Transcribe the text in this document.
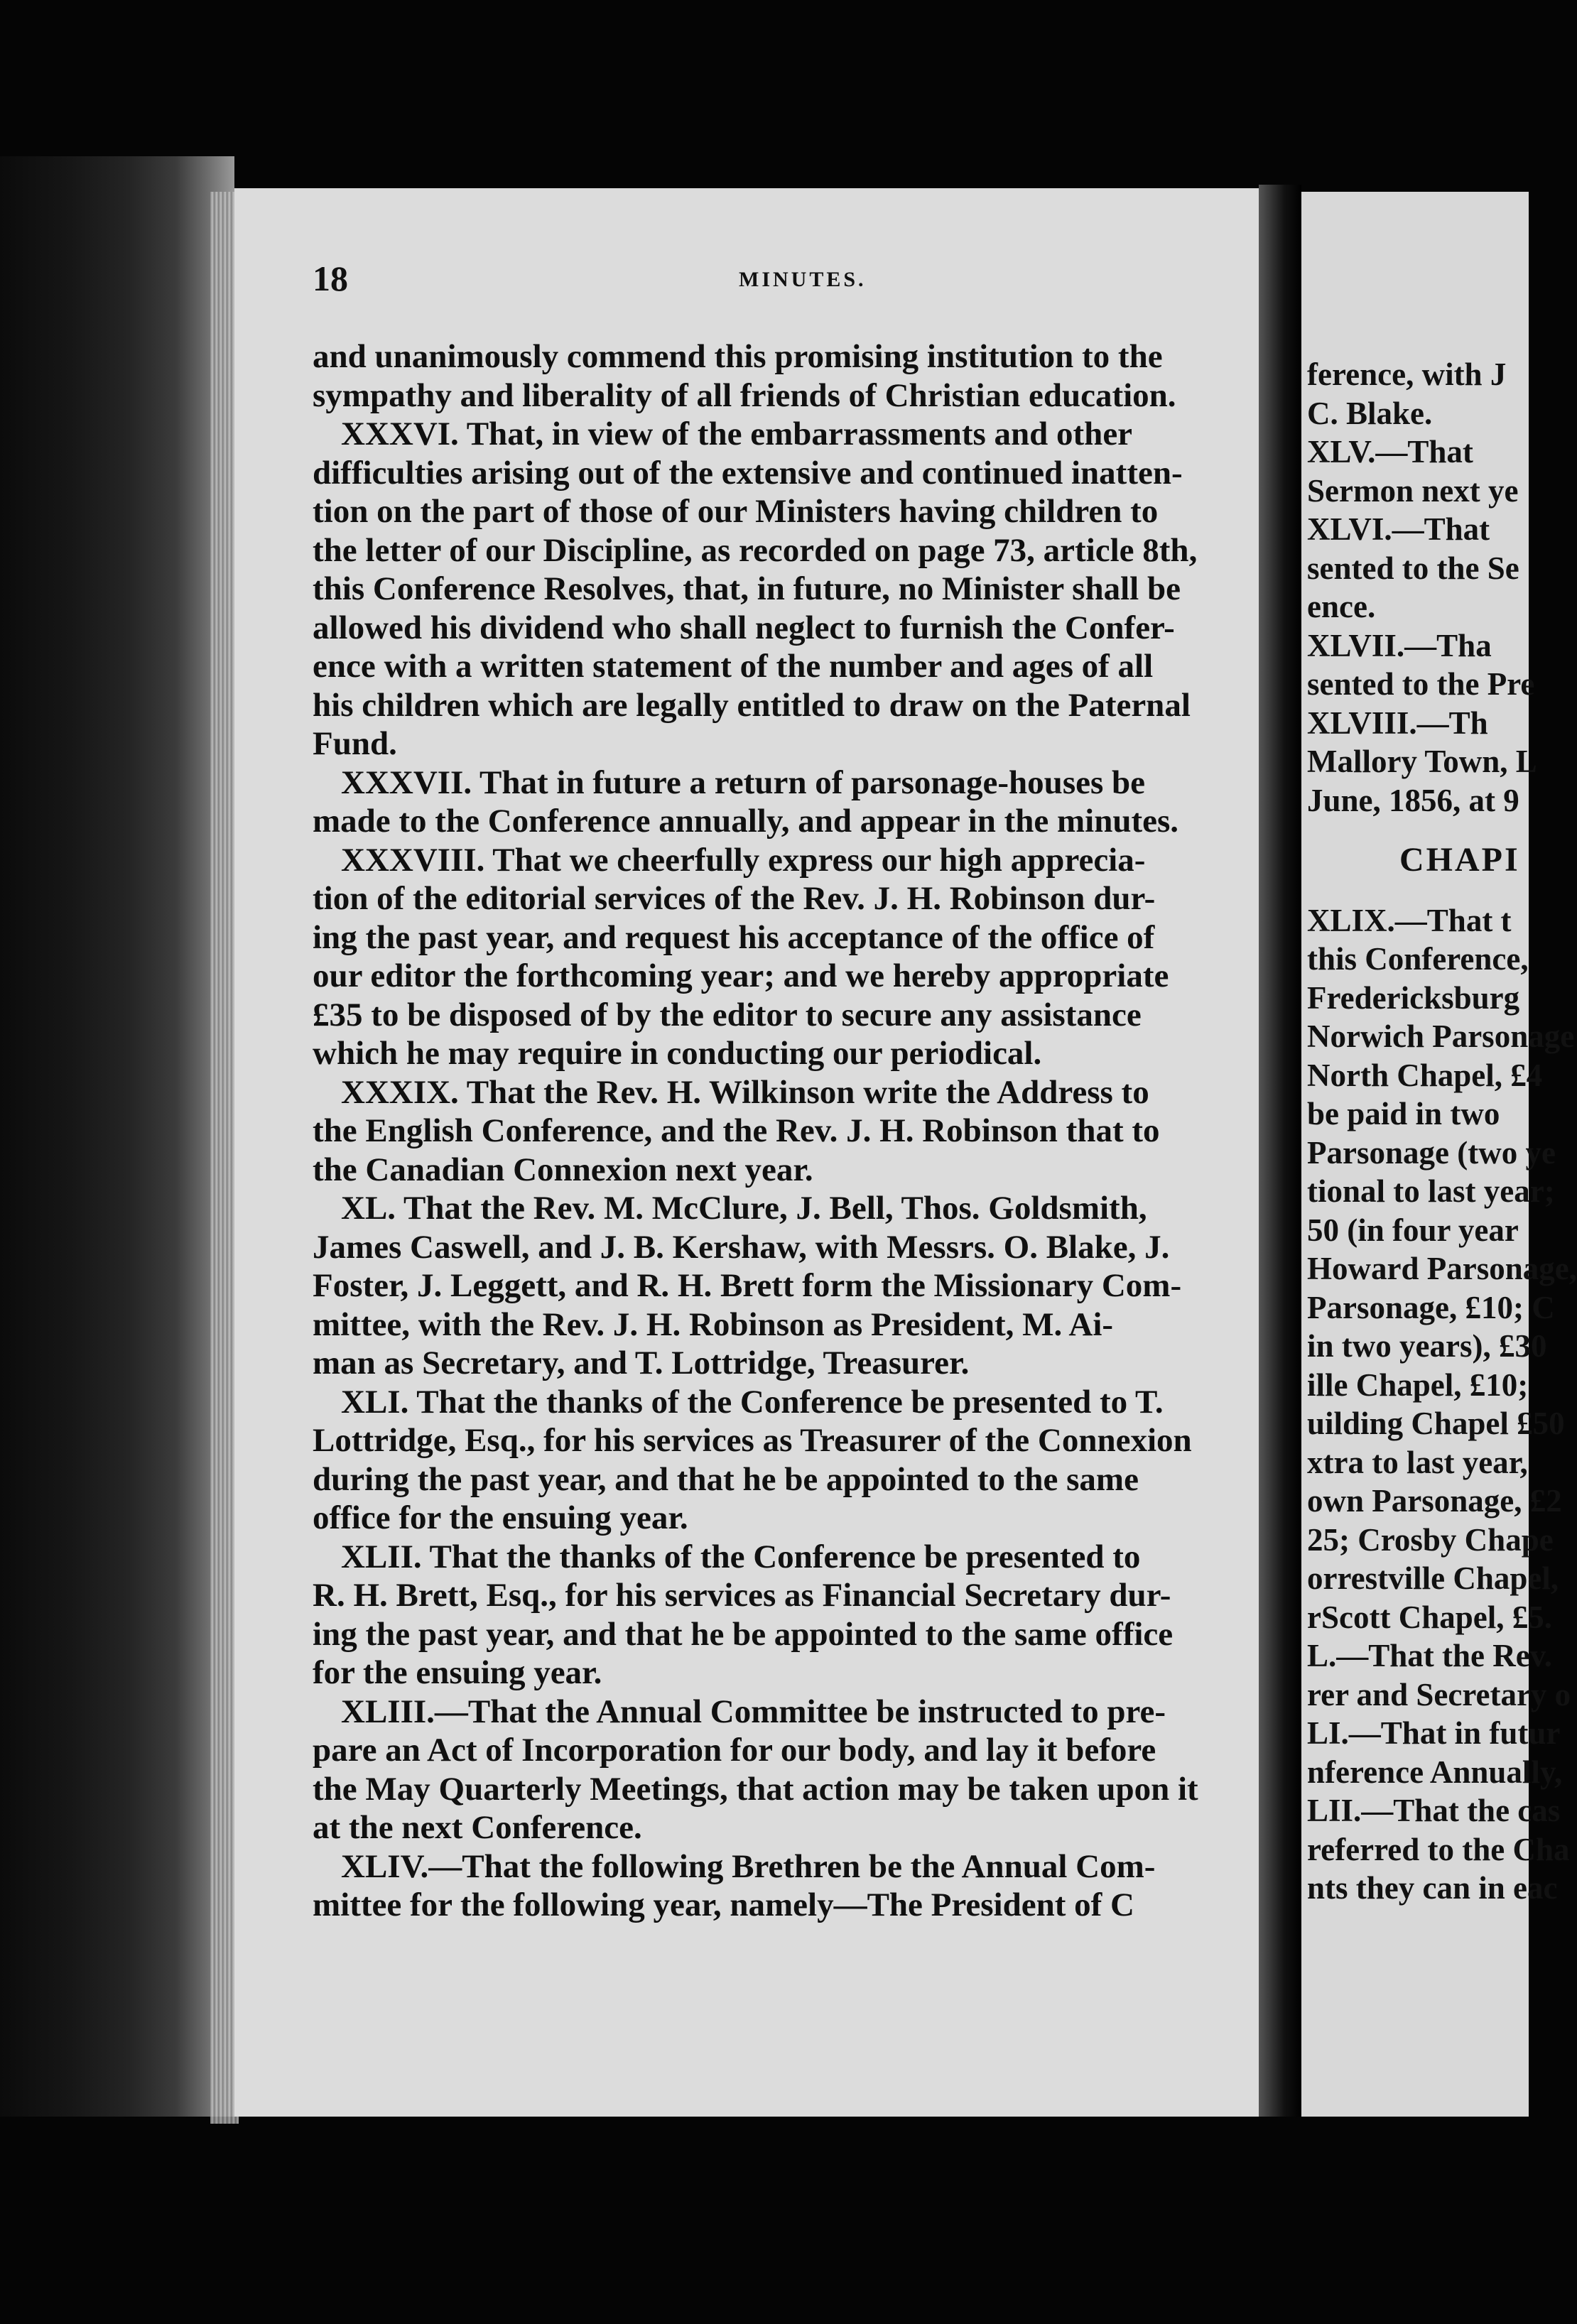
18	MINUTES.
and unanimously commend this promising institution to the
sympathy and liberality of all friends of Christian education.
XXXVI. That, in view of the embarrassments and other
difficulties arising out of the extensive and continued inatten-
tion on the part of those of our Ministers having children to
the letter of our Discipline, as recorded on page 73, article 8th,
this Conference Resolves, that, in future, no Minister shall be
allowed his dividend who shall neglect to furnish the Confer-
ence with a written statement of the number and ages of all
his children which are legally entitled to draw on the Paternal
Fund.
XXXVII. That in future a return of parsonage-houses be
made to the Conference annually, and appear in the minutes.
XXXVIII. That we cheerfully express our high apprecia-
tion of the editorial services of the Rev. J. H. Robinson dur-
ing the past year, and request his acceptance of the office of
our editor the forthcoming year; and we hereby appropriate
£35 to be disposed of by the editor to secure any assistance
which he may require in conducting our periodical.
XXXIX. That the Rev. H. Wilkinson write the Address to
the English Conference, and the Rev. J. H. Robinson that to
the Canadian Connexion next year.
XL. That the Rev. M. McClure, J. Bell, Thos. Goldsmith,
James Caswell, and J. B. Kershaw, with Messrs. O. Blake, J.
Foster, J. Leggett, and R. H. Brett form the Missionary Com-
mittee, with the Rev. J. H. Robinson as President, M. Ai-
man as Secretary, and T. Lottridge, Treasurer.
XLI. That the thanks of the Conference be presented to T.
Lottridge, Esq., for his services as Treasurer of the Connexion
during the past year, and that he be appointed to the same
office for the ensuing year.
XLII. That the thanks of the Conference be presented to
R. H. Brett, Esq., for his services as Financial Secretary dur-
ing the past year, and that he be appointed to the same office
for the ensuing year.
XLIII.—That the Annual Committee be instructed to pre-
pare an Act of Incorporation for our body, and lay it before
the May Quarterly Meetings, that action may be taken upon it
at the next Conference.
XLIV.—That the following Brethren be the Annual Com-
mittee for the following year, namely—The President of C
ference, with J
C. Blake.
XLV.—That
Sermon next ye
XLVI.—That
sented to the Se
ence.
XLVII.—Tha
sented to the Pre
XLVIII.—Th
Mallory Town, L
June, 1856, at 9
CHAPI
XLIX.—That t
this Conference,
Fredericksburg
Norwich Parsonage
North Chapel, £4
be paid in two
Parsonage (two ye
tional to last year;
50 (in four year
Howard Parsonage,
Parsonage, £10; C
in two years), £30
ille Chapel, £10;
uilding Chapel £50
xtra to last year,
own Parsonage, £2
25; Crosby Chape
orrestville Chapel,
rScott Chapel, £5.
L.—That the Rev.
rer and Secretary o
LI.—That in futur
nference Annually,
LII.—That the cas
referred to the Cha
nts they can in eac
